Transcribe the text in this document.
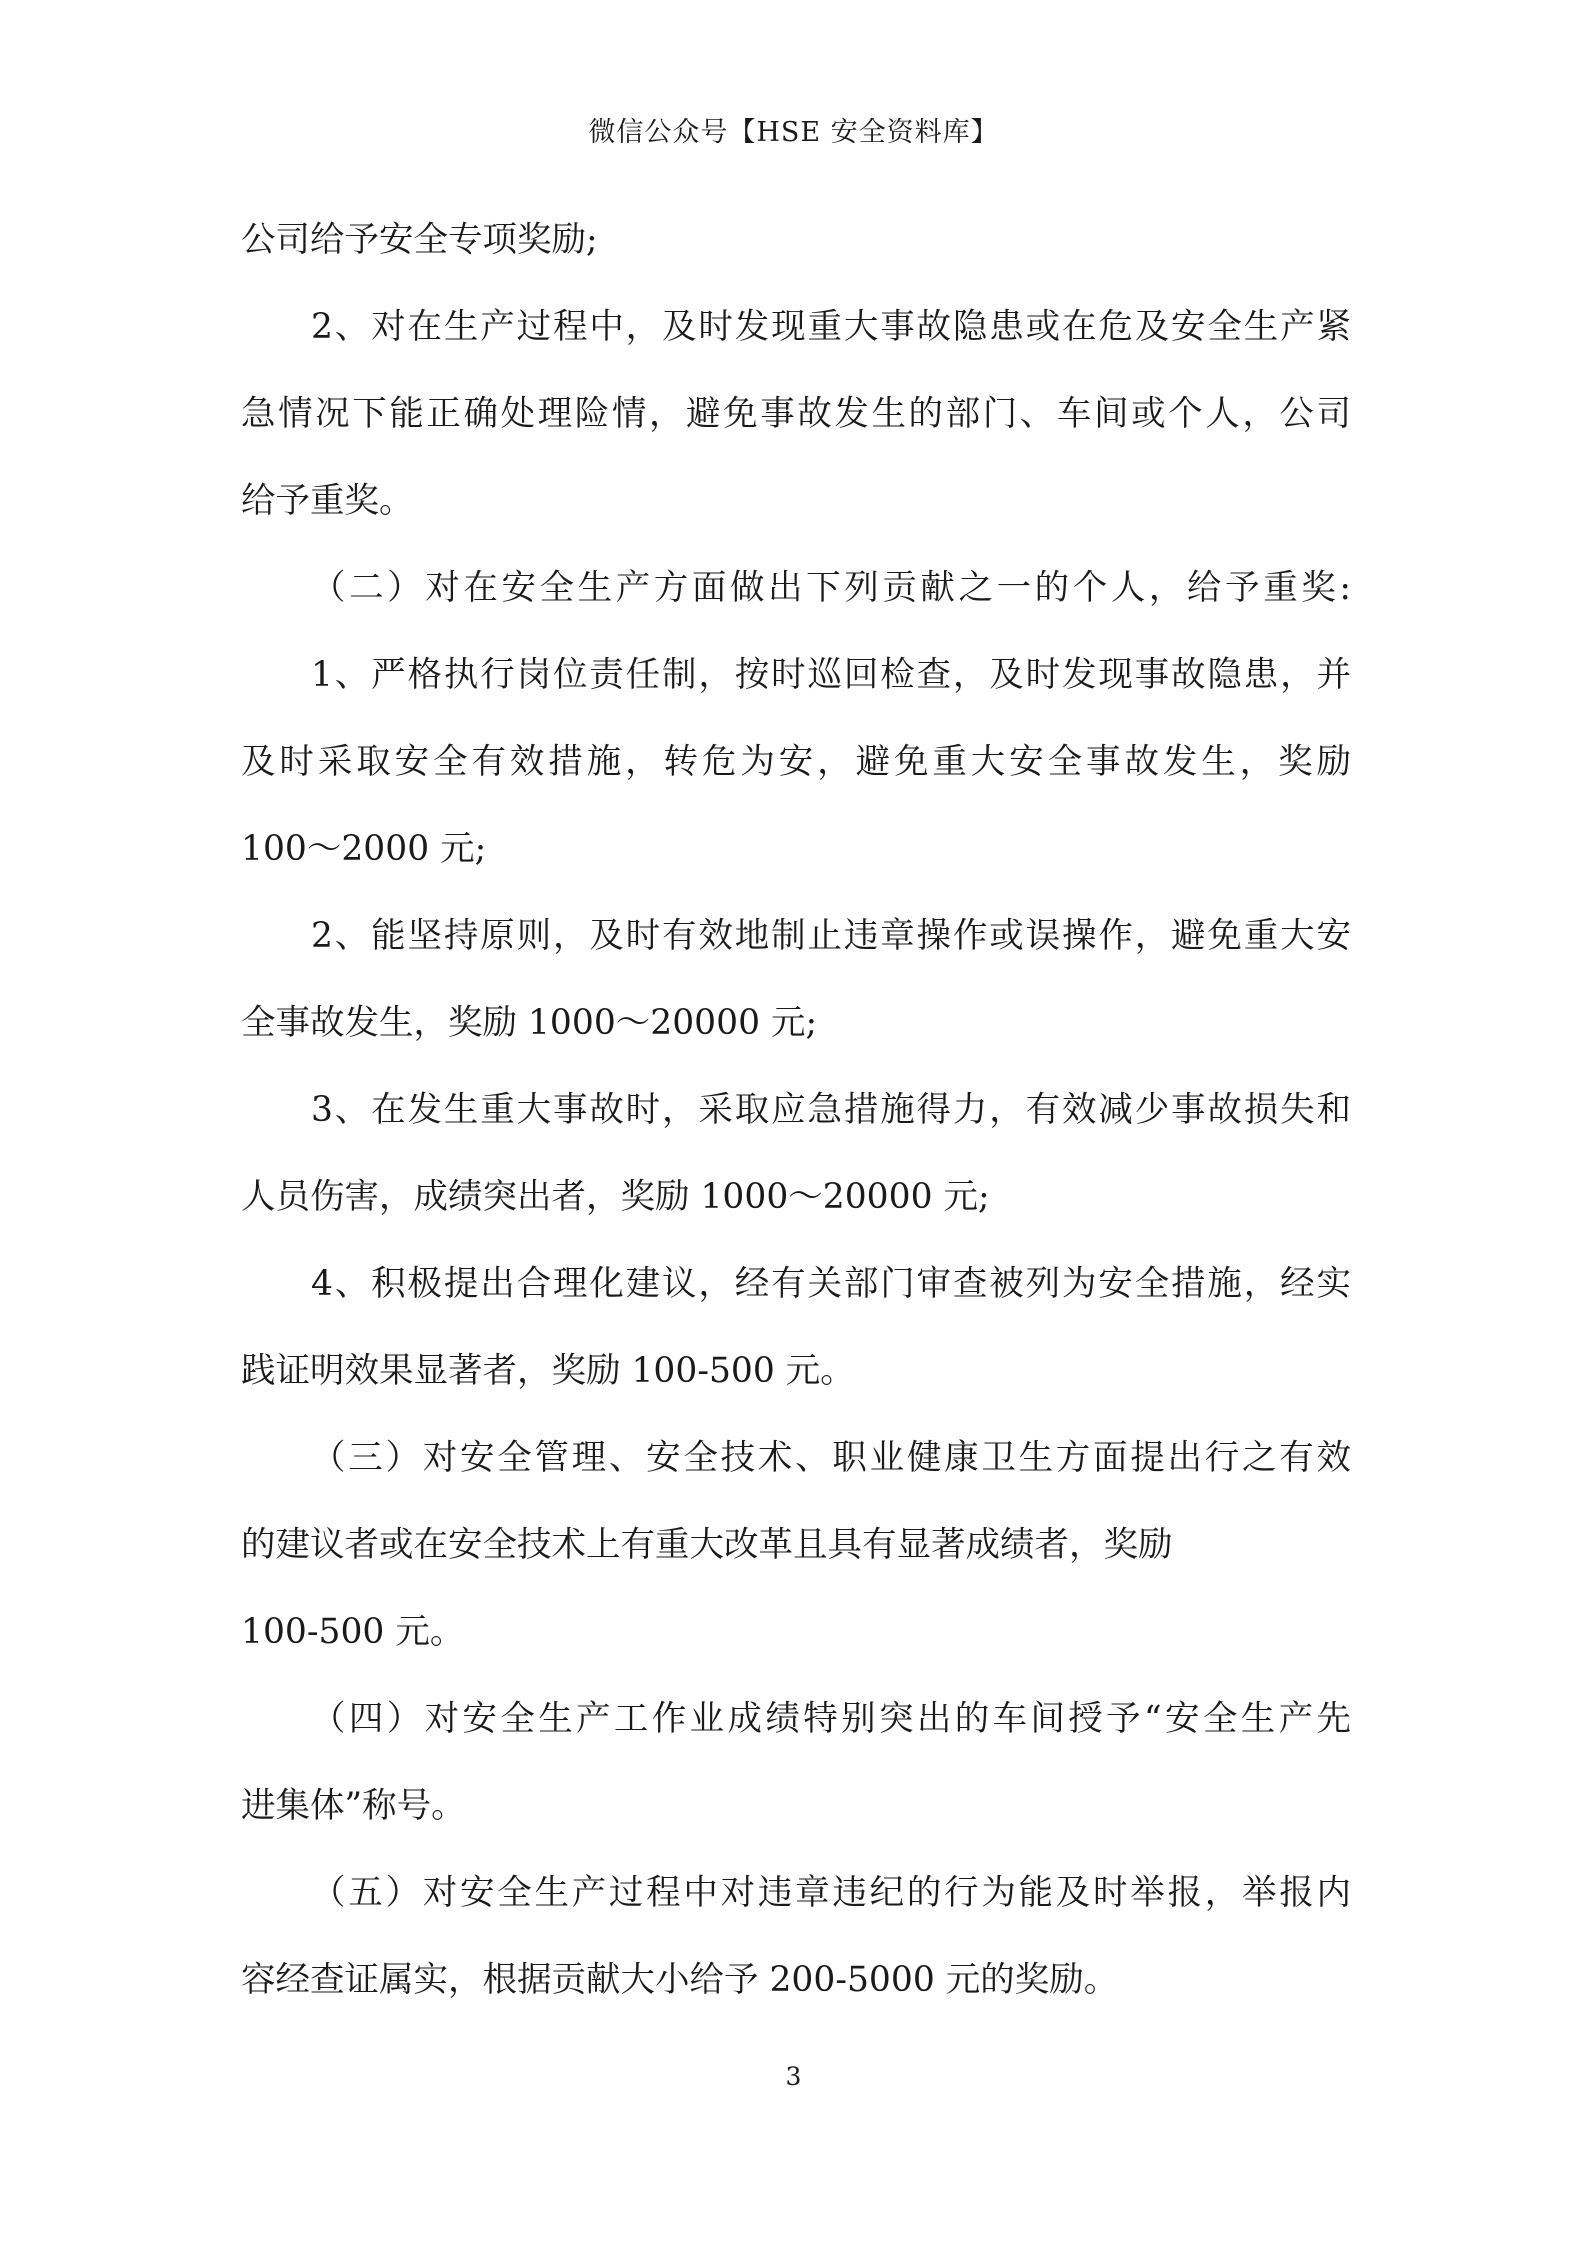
微信公众号【HSE 安全资料库】
公司给予安全专项奖励;
2、对在生产过程中，及时发现重大事故隐患或在危及安全生产紧
急情况下能正确处理险情，避免事故发生的部门、车间或个人，公司
给予重奖。
（二）对在安全生产方面做出下列贡献之一的个人，给予重奖:
1、严格执行岗位责任制，按时巡回检查，及时发现事故隐患，并
及时采取安全有效措施，转危为安，避免重大安全事故发生，奖励
100～2000 元;
2、能坚持原则，及时有效地制止违章操作或误操作，避免重大安
全事故发生，奖励 1000～20000 元;
3、在发生重大事故时，采取应急措施得力，有效减少事故损失和
人员伤害，成绩突出者，奖励 1000～20000 元;
4、积极提出合理化建议，经有关部门审查被列为安全措施，经实
践证明效果显著者，奖励 100-500 元。
（三）对安全管理、安全技术、职业健康卫生方面提出行之有效
的建议者或在安全技术上有重大改革且具有显著成绩者，奖励
100-500 元。
（四）对安全生产工作业成绩特别突出的车间授予“安全生产先
进集体”称号。
（五）对安全生产过程中对违章违纪的行为能及时举报，举报内
容经查证属实，根据贡献大小给予 200-5000 元的奖励。
3
